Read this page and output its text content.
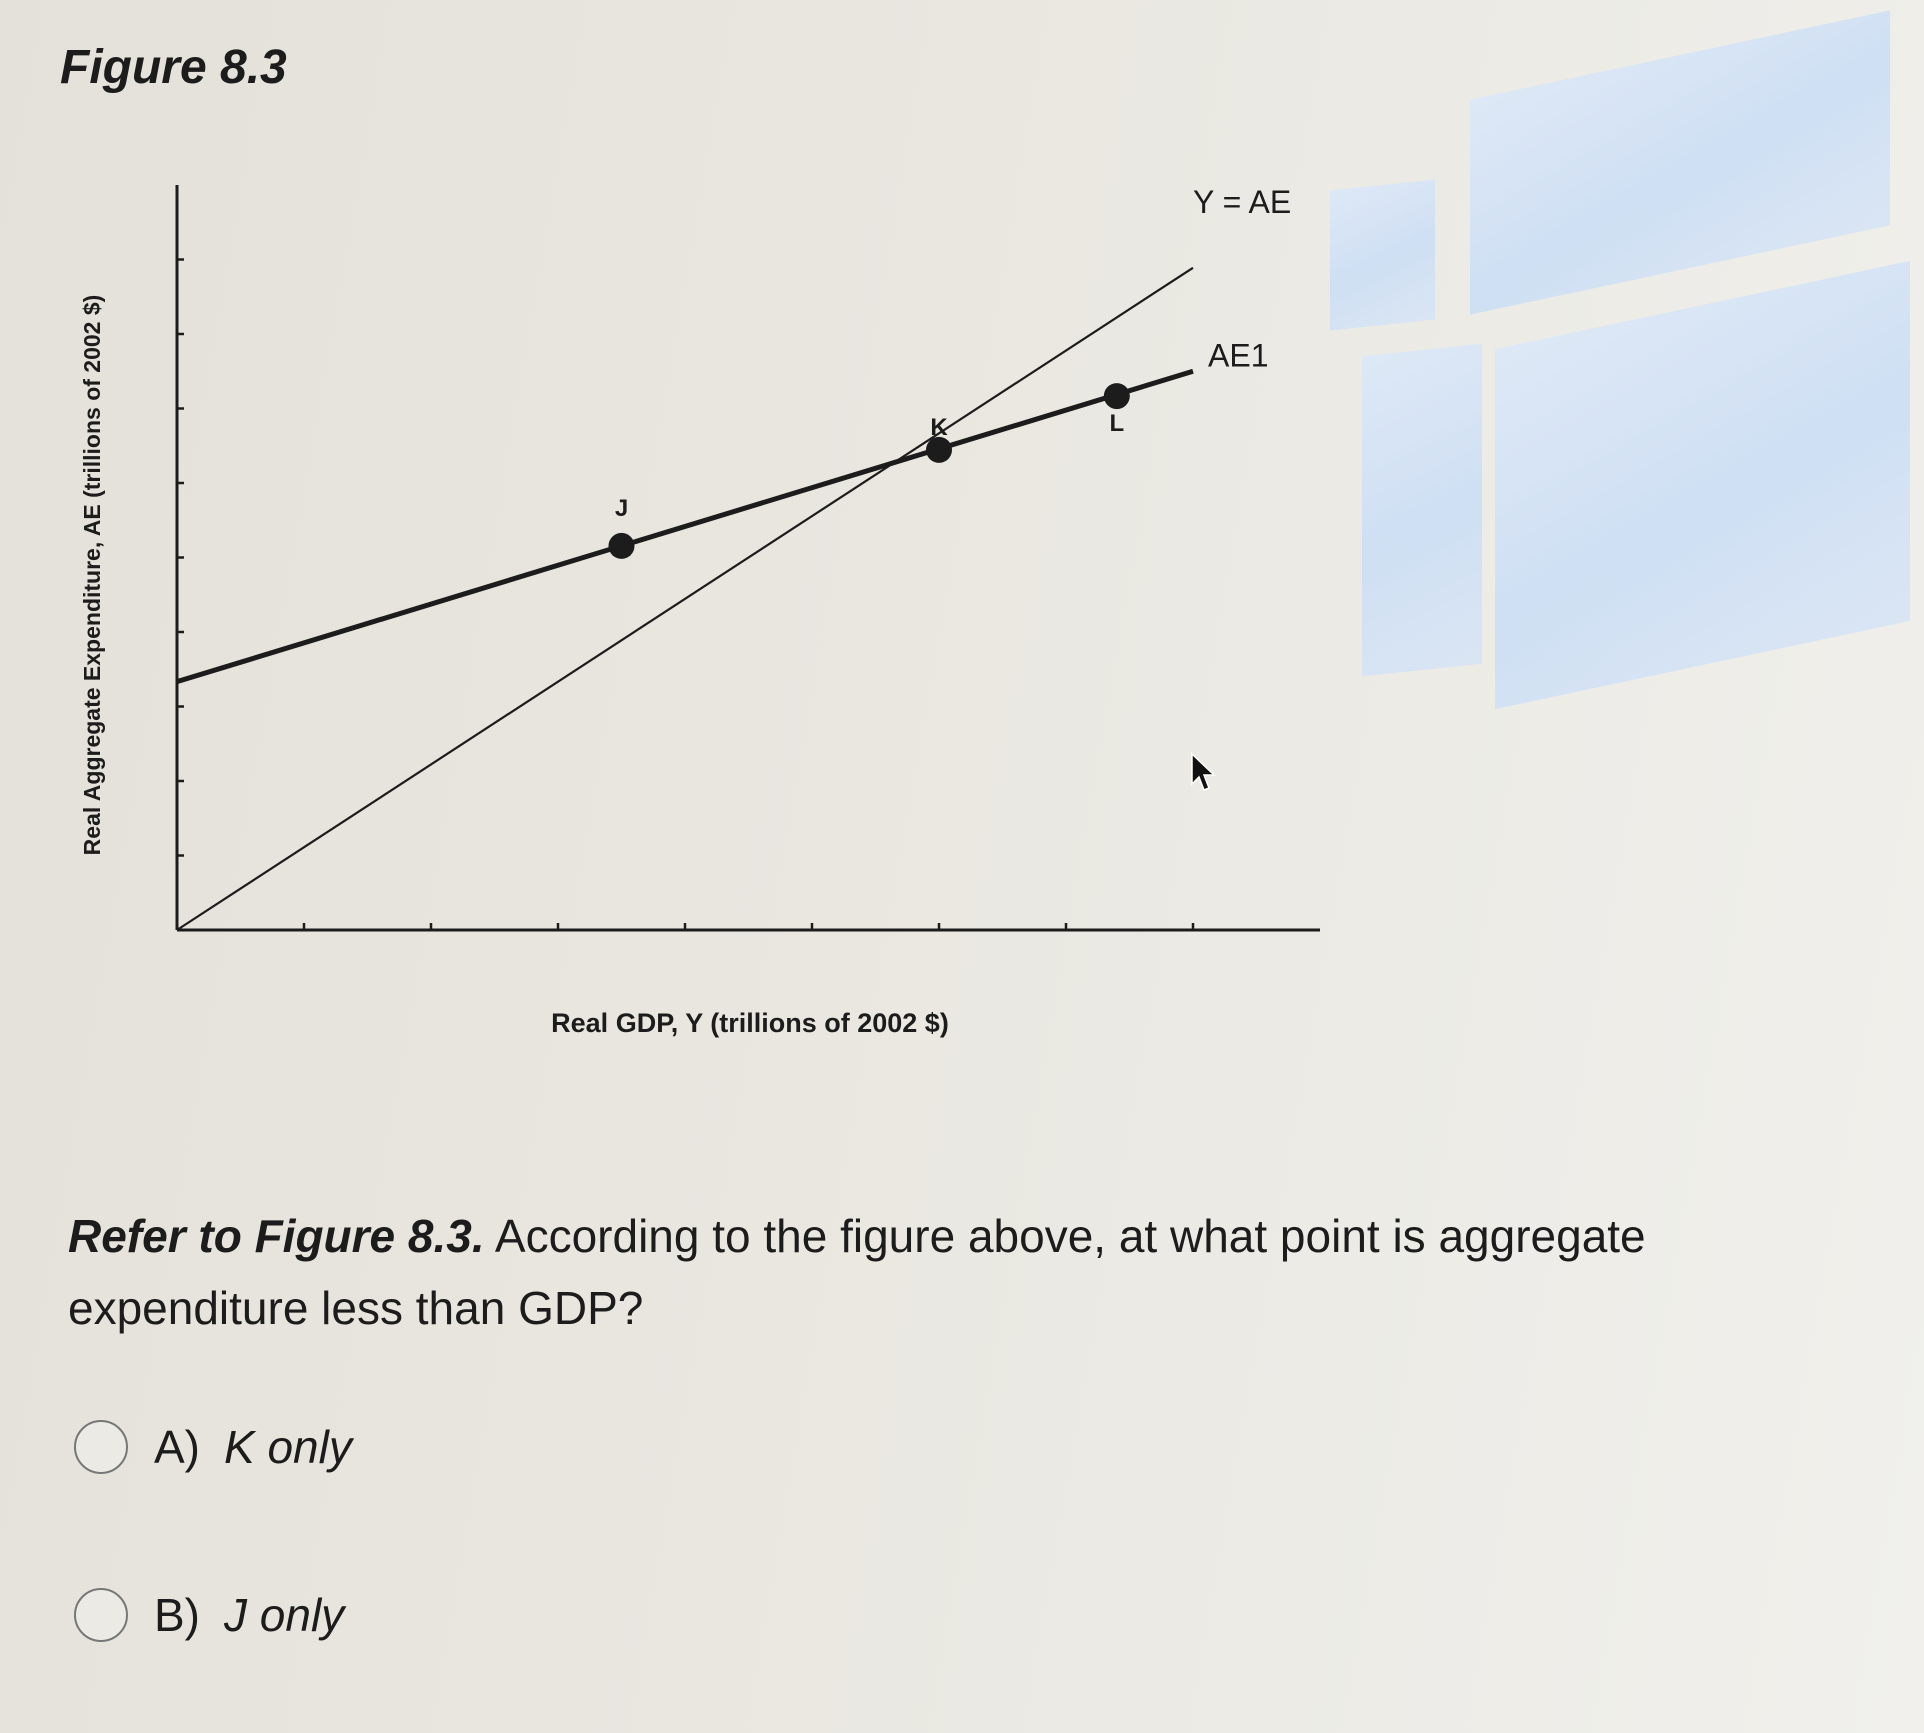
Figure 8.3
Y = AE
AE1
J
K	L
Real GDP, Y (trillions of 2002 $)
Real Aggregate Expenditure, AE (trillions of 2002 $)
Refer to Figure 8.3. According to the figure above, at what point is aggregate expenditure less than GDP?
A) K only
B) J only
